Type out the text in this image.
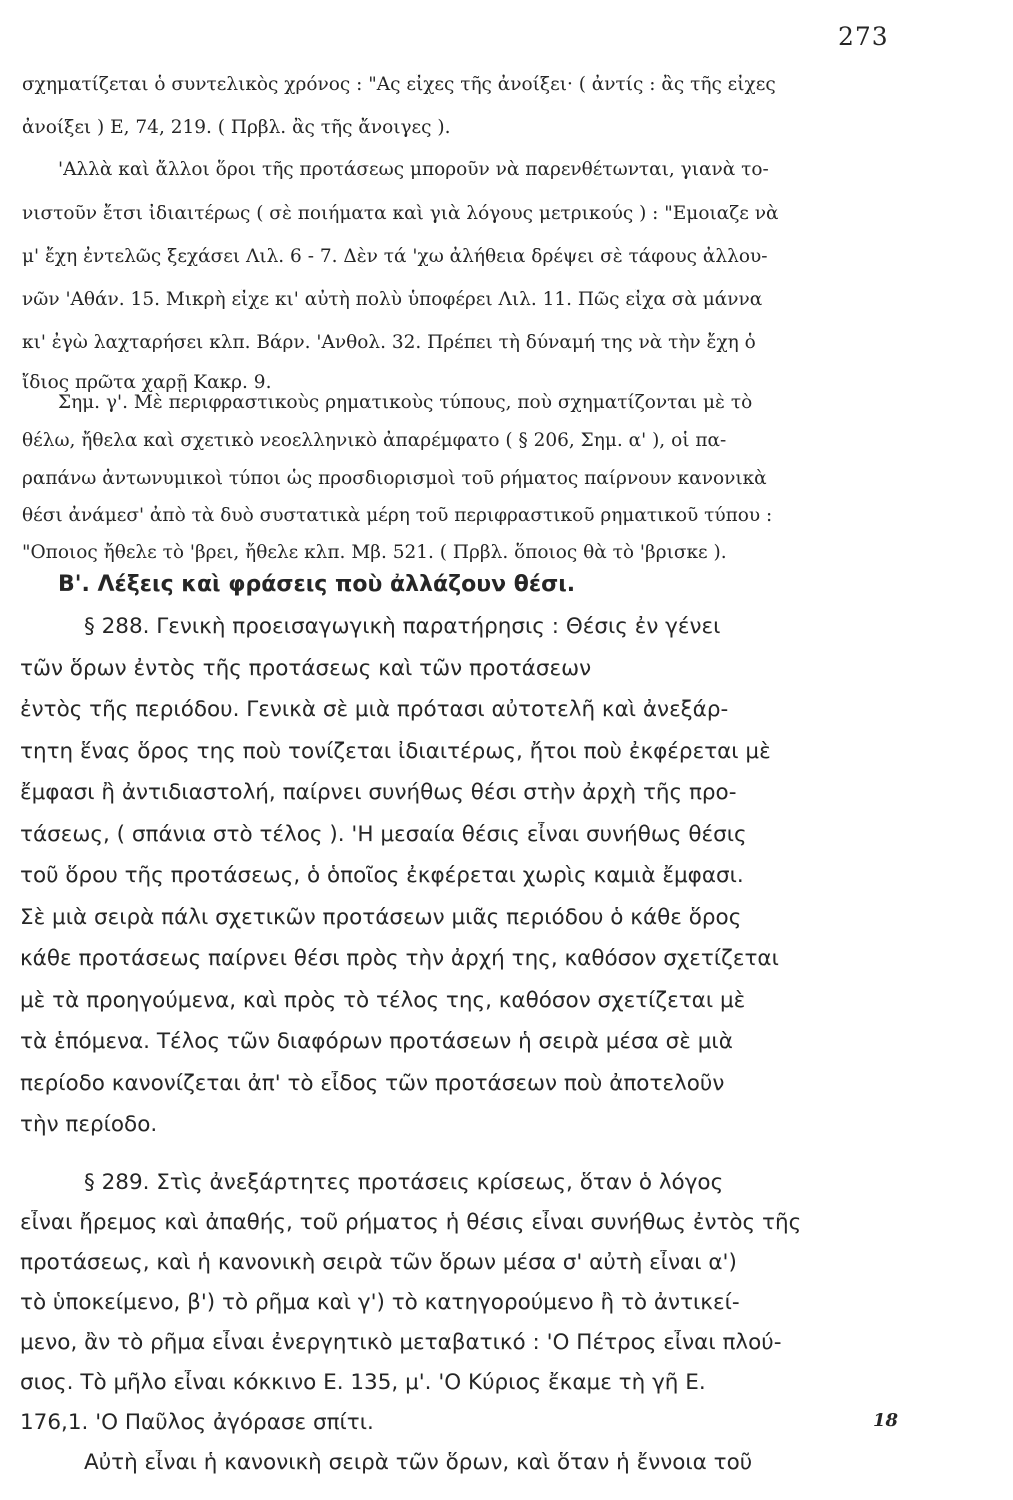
273
σχηματίζεται ὁ συντελικὸς χρόνος : "Ας εἶχες τῆς ἀνοίξει· ( ἀντίς : ἂς τῆς εἶχες
ἀνοίξει ) Ε, 74, 219. ( Πρβλ. ἂς τῆς ἄνοιγες ).
'Αλλὰ καὶ ἄλλοι ὅροι τῆς προτάσεως μποροῦν νὰ παρενθέτωνται, γιανὰ το-
νιστοῦν ἔτσι ἰδιαιτέρως ( σὲ ποιήματα καὶ γιὰ λόγους μετρικούς ) : "Εμοιαζε νὰ
μ' ἔχη ἐντελῶς ξεχάσει Λιλ. 6 - 7. Δὲν τά 'χω ἀλήθεια δρέψει σὲ τάφους ἀλλου-
νῶν 'Αθάν. 15. Μικρὴ εἶχε κι' αὐτὴ πολὺ ὑποφέρει Λιλ. 11. Πῶς εἶχα σὰ μάννα
κι' ἐγὼ λαχταρήσει κλπ. Βάρν. 'Ανθολ. 32. Πρέπει τὴ δύναμή της νὰ τὴν ἔχη ὁ
ἴδιος πρῶτα χαρῇ Κακρ. 9.
Σημ. γ'. Μὲ περιφραστικοὺς ρηματικοὺς τύπους, ποὺ σχηματίζονται μὲ τὸ
θέλω, ἤθελα καὶ σχετικὸ νεοελληνικὸ ἀπαρέμφατο ( § 206, Σημ. α' ), οἱ πα-
ραπάνω ἀντωνυμικοὶ τύποι ὡς προσδιορισμοὶ τοῦ ρήματος παίρνουν κανονικὰ
θέσι ἀνάμεσ' ἀπὸ τὰ δυὸ συστατικὰ μέρη τοῦ περιφραστικοῦ ρηματικοῦ τύπου :
"Οποιος ἤθελε τὸ 'βρει, ἤθελε κλπ. Μβ. 521. ( Πρβλ. ὅποιος θὰ τὸ 'βρισκε ).
Β'. Λέξεις καὶ φράσεις ποὺ ἀλλάζουν θέσι.
§ 288. Γενικὴ προεισαγωγικὴ παρατήρησις : Θέσις ἐν γένει
τῶν ὅρων ἐντὸς τῆς προτάσεως καὶ τῶν προτάσεων
ἐντὸς τῆς περιόδου. Γενικὰ σὲ μιὰ πρότασι αὐτοτελῆ καὶ ἀνεξάρ-
τητη ἕνας ὅρος της ποὺ τονίζεται ἰδιαιτέρως, ἤτοι ποὺ ἐκφέρεται μὲ
ἔμφασι ἢ ἀντιδιαστολή, παίρνει συνήθως θέσι στὴν ἀρχὴ τῆς προ-
τάσεως, ( σπάνια στὸ τέλος ). 'Η μεσαία θέσις εἶναι συνήθως θέσις
τοῦ ὅρου τῆς προτάσεως, ὁ ὁποῖος ἐκφέρεται χωρὶς καμιὰ ἔμφασι.
Σὲ μιὰ σειρὰ πάλι σχετικῶν προτάσεων μιᾶς περιόδου ὁ κάθε ὅρος
κάθε προτάσεως παίρνει θέσι πρὸς τὴν ἀρχή της, καθόσον σχετίζεται
μὲ τὰ προηγούμενα, καὶ πρὸς τὸ τέλος της, καθόσον σχετίζεται μὲ
τὰ ἑπόμενα. Τέλος τῶν διαφόρων προτάσεων ἡ σειρὰ μέσα σὲ μιὰ
περίοδο κανονίζεται ἀπ' τὸ εἶδος τῶν προτάσεων ποὺ ἀποτελοῦν
τὴν περίοδο.
§ 289. Στὶς ἀνεξάρτητες προτάσεις κρίσεως, ὅταν ὁ λόγος
εἶναι ἤρεμος καὶ ἀπαθής, τοῦ ρήματος ἡ θέσις εἶναι συνήθως ἐντὸς τῆς
προτάσεως, καὶ ἡ κανονικὴ σειρὰ τῶν ὅρων μέσα σ' αὐτὴ εἶναι α')
τὸ ὑποκείμενο, β') τὸ ρῆμα καὶ γ') τὸ κατηγορούμενο ἢ τὸ ἀντικεί-
μενο, ἂν τὸ ρῆμα εἶναι ἐνεργητικὸ μεταβατικό : 'Ο Πέτρος εἶναι πλού-
σιος. Τὸ μῆλο εἶναι κόκκινο Ε. 135, μ'. 'Ο Κύριος ἔκαμε τὴ γῆ Ε.
176,1. 'Ο Παῦλος ἀγόρασε σπίτι.
Αὐτὴ εἶναι ἡ κανονικὴ σειρὰ τῶν ὅρων, καὶ ὅταν ἡ ἔννοια τοῦ
18
